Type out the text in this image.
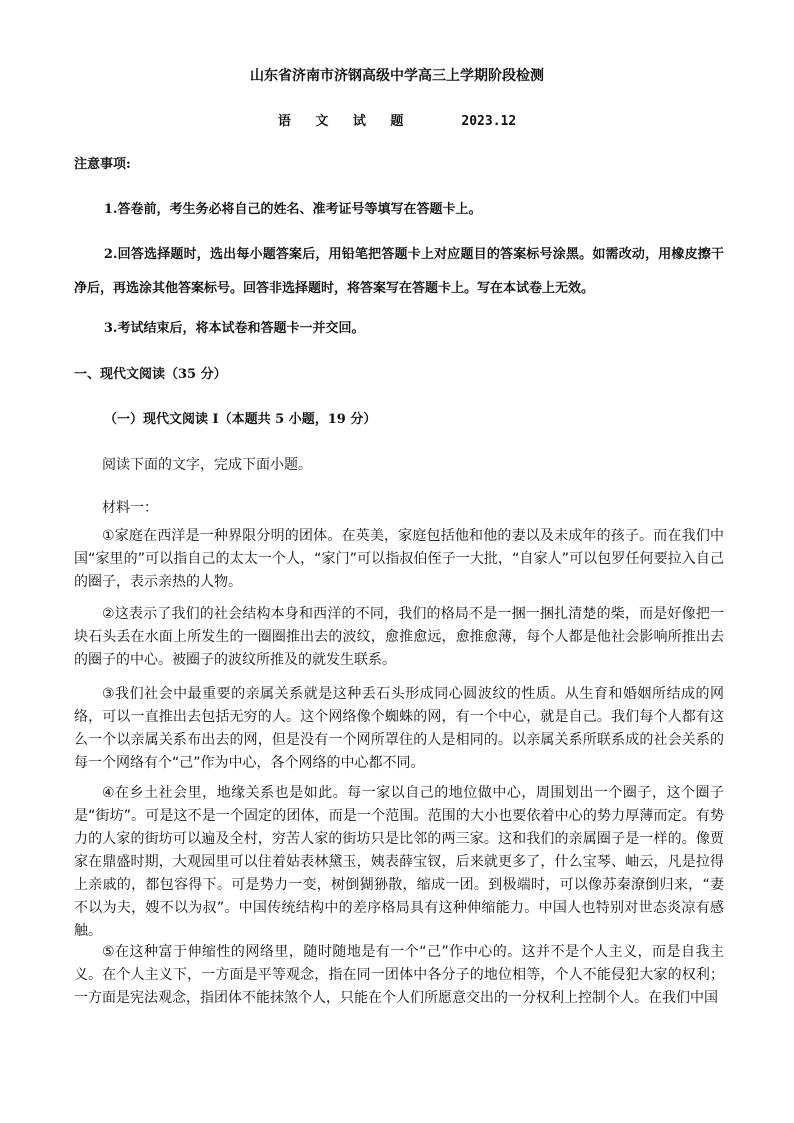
山东省济南市济钢高级中学高三上学期阶段检测
语 文 试 题	2023.12
注意事项:
1.答卷前，考生务必将自己的姓名、准考证号等填写在答题卡上。
2.回答选择题时，选出每小题答案后，用铅笔把答题卡上对应题目的答案标号涂黑。如需改动，用橡皮擦干净后，再选涂其他答案标号。回答非选择题时，将答案写在答题卡上。写在本试卷上无效。
3.考试结束后，将本试卷和答题卡一并交回。
一、现代文阅读（35 分）
（一）现代文阅读 I（本题共 5 小题，19 分）
阅读下面的文字，完成下面小题。
材料一：
①家庭在西洋是一种界限分明的团体。在英美，家庭包括他和他的妻以及未成年的孩子。而在我们中国“家里的”可以指自己的太太一个人，“家门”可以指叔伯侄子一大批，“自家人”可以包罗任何要拉入自己的圈子，表示亲热的人物。
②这表示了我们的社会结构本身和西洋的不同，我们的格局不是一捆一捆扎清楚的柴，而是好像把一块石头丢在水面上所发生的一圈圈推出去的波纹，愈推愈远，愈推愈薄，每个人都是他社会影响所推出去的圈子的中心。被圈子的波纹所推及的就发生联系。
③我们社会中最重要的亲属关系就是这种丢石头形成同心圆波纹的性质。从生育和婚姻所结成的网络，可以一直推出去包括无穷的人。这个网络像个蜘蛛的网，有一个中心，就是自己。我们每个人都有这么一个以亲属关系布出去的网，但是没有一个网所罩住的人是相同的。以亲属关系所联系成的社会关系的每一个网络有个“己”作为中心，各个网络的中心都不同。
④在乡土社会里，地缘关系也是如此。每一家以自己的地位做中心，周围划出一个圈子，这个圈子是“街坊”。可是这不是一个固定的团体，而是一个范围。范围的大小也要依着中心的势力厚薄而定。有势力的人家的街坊可以遍及全村，穷苦人家的街坊只是比邻的两三家。这和我们的亲属圈子是一样的。像贾家在鼎盛时期，大观园里可以住着姑表林黛玉，姨表薛宝钗，后来就更多了，什么宝琴、岫云，凡是拉得上亲戚的，都包容得下。可是势力一变，树倒猢狲散，缩成一团。到极端时，可以像苏秦潦倒归来，“妻不以为夫，嫂不以为叔”。中国传统结构中的差序格局具有这种伸缩能力。中国人也特别对世态炎凉有感触。
⑤在这种富于伸缩性的网络里，随时随地是有一个“己”作中心的。这并不是个人主义，而是自我主义。在个人主义下，一方面是平等观念，指在同一团体中各分子的地位相等，个人不能侵犯大家的权利；一方面是宪法观念，指团体不能抹煞个人，只能在个人们所愿意交出的一分权利上控制个人。在我们中国
